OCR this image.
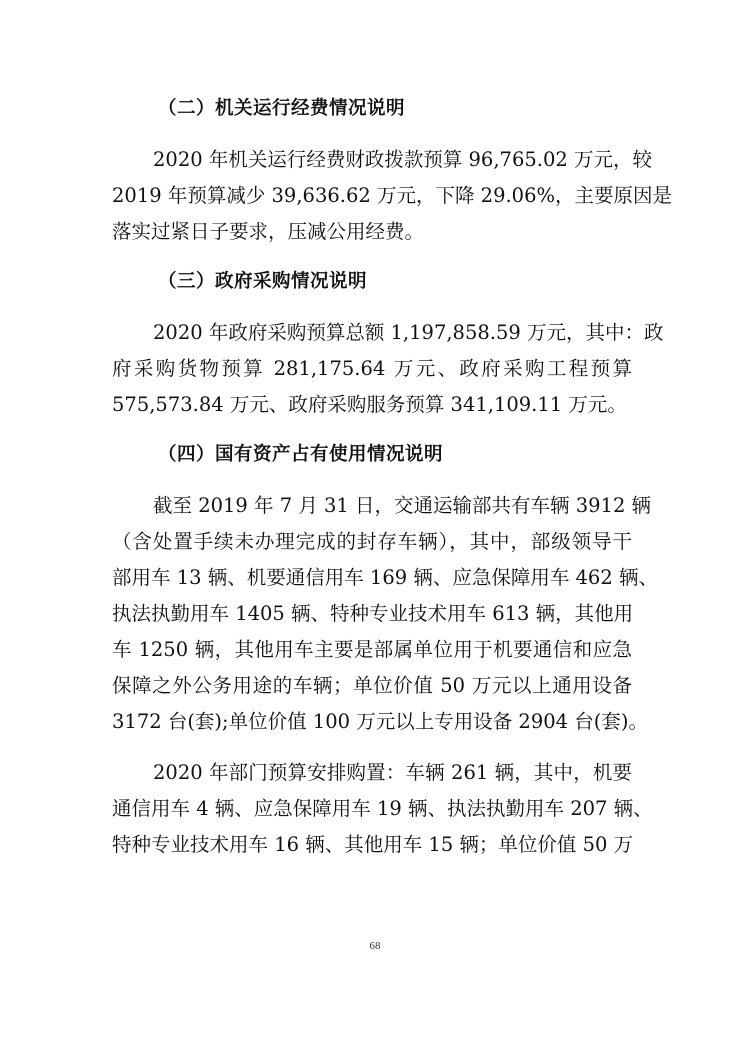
（二）机关运行经费情况说明
2020 年机关运行经费财政拨款预算 96,765.02 万元，较
2019 年预算减少 39,636.62 万元，下降 29.06%，主要原因是
落实过紧日子要求，压减公用经费。
（三）政府采购情况说明
2020 年政府采购预算总额 1,197,858.59 万元，其中：政
府采购货物预算 281,175.64 万元、政府采购工程预算
575,573.84 万元、政府采购服务预算 341,109.11 万元。
（四）国有资产占有使用情况说明
截至 2019 年 7 月 31 日，交通运输部共有车辆 3912 辆
（含处置手续未办理完成的封存车辆），其中，部级领导干
部用车 13 辆、机要通信用车 169 辆、应急保障用车 462 辆、
执法执勤用车 1405 辆、特种专业技术用车 613 辆，其他用
车 1250 辆，其他用车主要是部属单位用于机要通信和应急
保障之外公务用途的车辆；单位价值 50 万元以上通用设备
3172 台(套);单位价值 100 万元以上专用设备 2904 台(套)。
2020 年部门预算安排购置：车辆 261 辆，其中，机要
通信用车 4 辆、应急保障用车 19 辆、执法执勤用车 207 辆、
特种专业技术用车 16 辆、其他用车 15 辆；单位价值 50 万
68
